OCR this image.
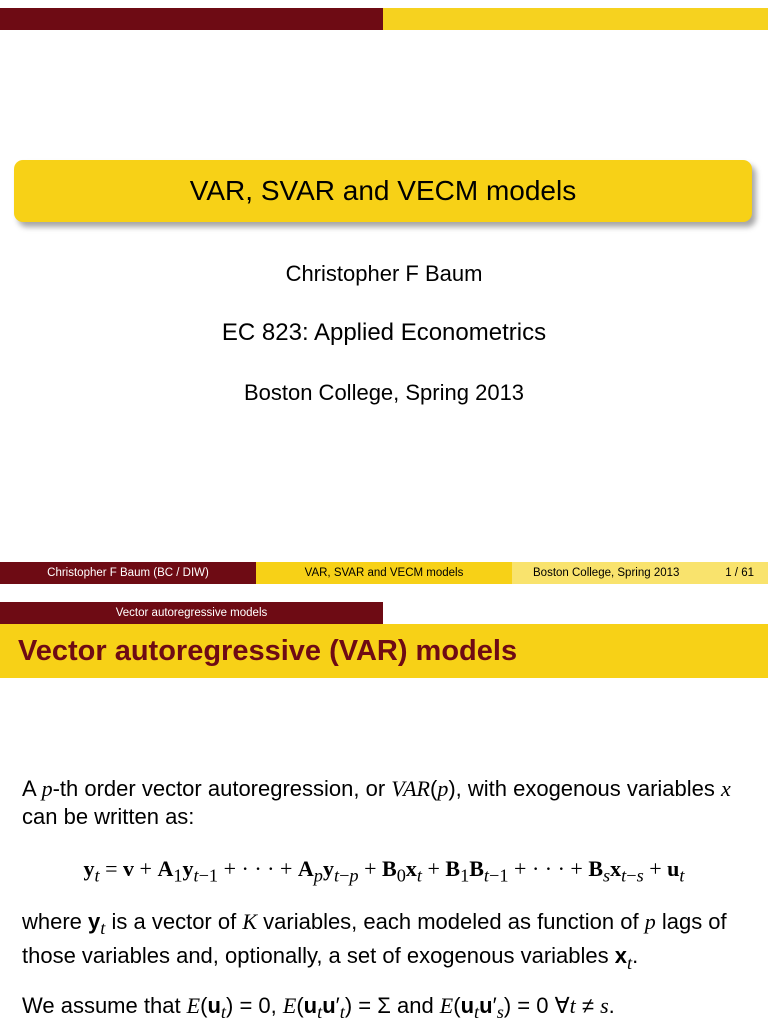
VAR, SVAR and VECM models
Christopher F Baum
EC 823: Applied Econometrics
Boston College, Spring 2013
Christopher F Baum (BC / DIW)	VAR, SVAR and VECM models	Boston College, Spring 2013	1 / 61
Vector autoregressive models
Vector autoregressive (VAR) models
A p-th order vector autoregression, or VAR(p), with exogenous variables x can be written as:
$y_t = v + A_1y_{t-1}$ + · · · + $A_py_{t-p} + B_0x_t + B_1B_{t-1}$ + · · · + $B_sx_{t-s} + u_t$
where $y_t$ is a vector of K variables, each modeled as function of p lags of those variables and, optionally, a set of exogenous variables $x_t$.
We assume that $E(u_t) = 0$, $E(u_tu'_t) = \Sigma$ and $E(u_tu'_s) = 0$ ∀t ≠ s.
